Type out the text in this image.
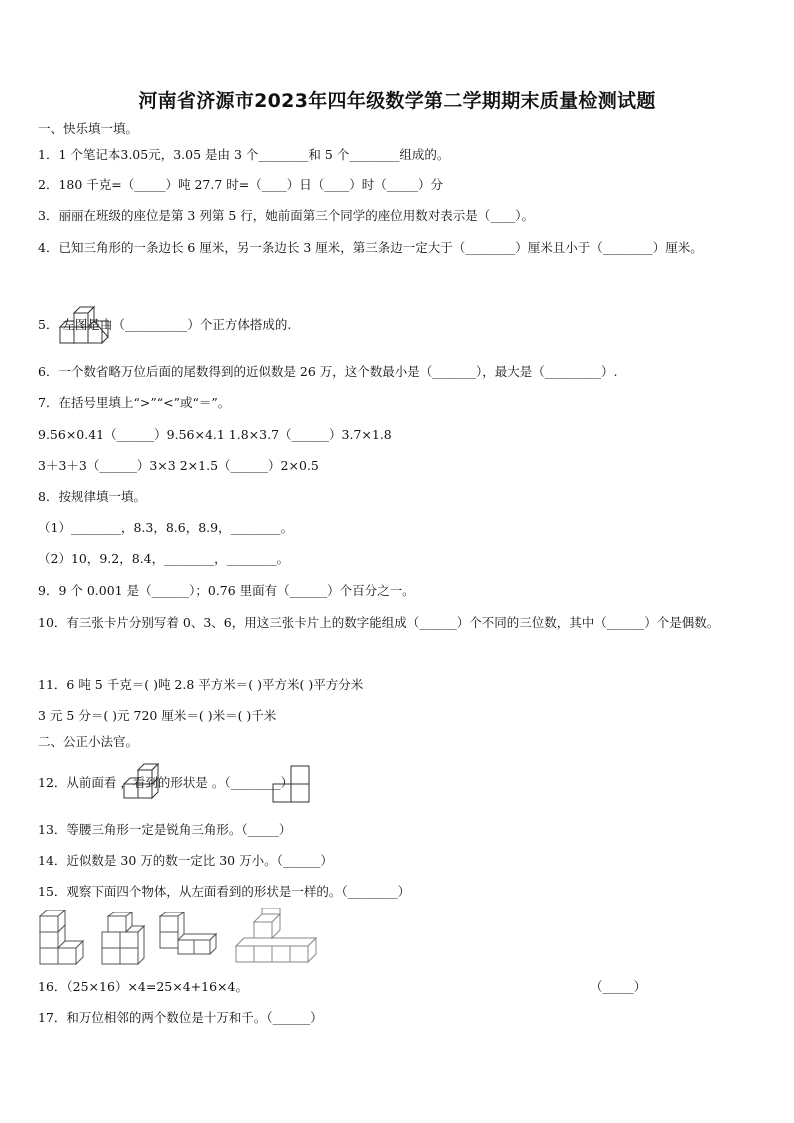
河南省济源市2023年四年级数学第二学期期末质量检测试题
一、快乐填一填。
1．1 个笔记本3.05元，3.05 是由 3 个________和 5 个________组成的。
2．180 千克=（_____）吨 27.7 时=（____）日（____）时（_____）分
3．丽丽在班级的座位是第 3 列第 5 行，她前面第三个同学的座位用数对表示是（____）。
4．已知三角形的一条边长 6 厘米，另一条边长 3 厘米，第三条边一定大于（________）厘米且小于（________）厘米。
5． 左图是由（__________）个正方体搭成的.
6．一个数省略万位后面的尾数得到的近似数是 26 万，这个数最小是（_______），最大是（_________）.
7．在括号里填上“>”“<”或“＝”。
9.56×0.41（______）9.56×4.1 1.8×3.7（______）3.7×1.8
3＋3＋3（______）3×3 2×1.5（______）2×0.5
8．按规律填一填。
（1）________，8.3，8.6，8.9，________。
（2）10，9.2，8.4，________，________。
9．9 个 0.001 是（______）；0.76 里面有（______）个百分之一。
10．有三张卡片分别写着 0、3、6，用这三张卡片上的数字能组成（______）个不同的三位数，其中（______）个是偶数。
11．6 吨 5 千克＝( )吨 2.8 平方米＝( )平方米( )平方分米
3 元 5 分＝( )元 720 厘米＝( )米＝( )千米
二、公正小法官。
12．从前面看 ，看到的形状是 。（________）
13．等腰三角形一定是锐角三角形。（_____）
14．近似数是 30 万的数一定比 30 万小。（______）
15．观察下面四个物体，从左面看到的形状是一样的。（________）
16．（25×16）×4=25×4+16×4。	（_____）
17．和万位相邻的两个数位是十万和千。（______）
